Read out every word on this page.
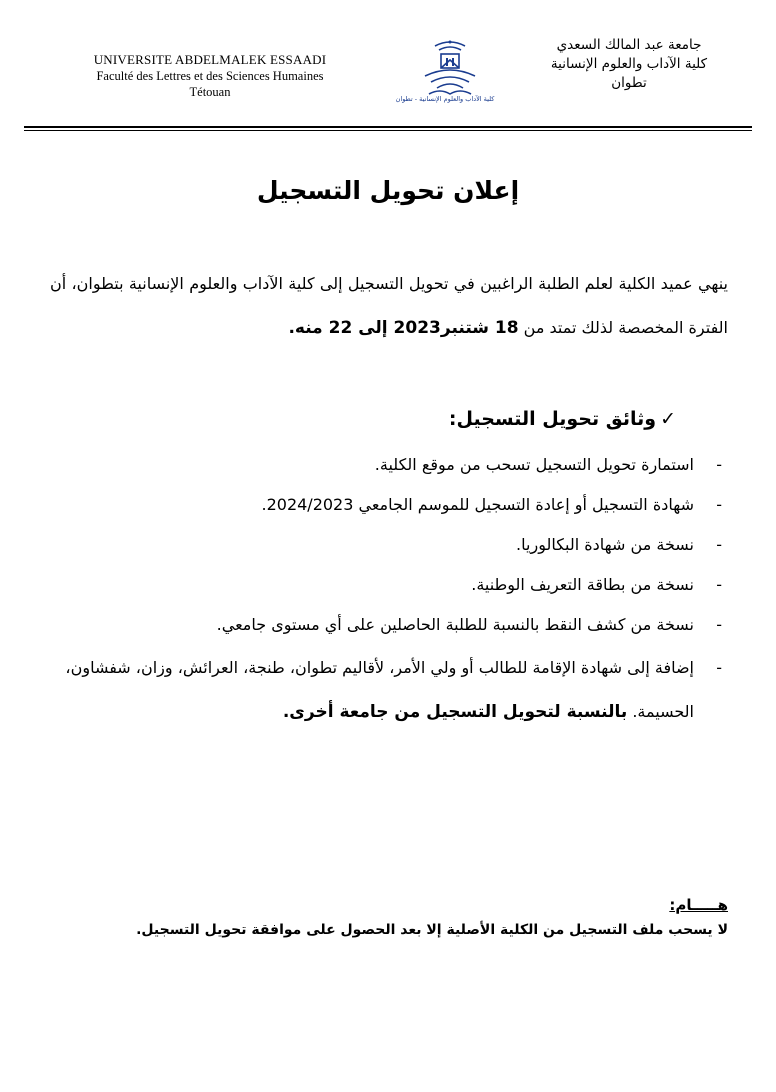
UNIVERSITE ABDELMALEK ESSAADI
Faculté des Lettres et des Sciences Humaines
Tétouan	كلية الآداب والعلوم الإنسانية - تطوان
جامعة عبد المالك السعدي
كلية الآداب والعلوم الإنسانية
تطوان
إعلان تحويل التسجيل
ينهي عميد الكلية لعلم الطلبة الراغبين في تحويل التسجيل إلى كلية الآداب والعلوم الإنسانية بتطوان، أن الفترة المخصصة لذلك تمتد من 18 شتنبر2023 إلى 22 منه.
✓وثائق تحويل التسجيل:
-
استمارة تحويل التسجيل تسحب من موقع الكلية.
-
شهادة التسجيل أو إعادة التسجيل للموسم الجامعي 2024/2023.
-
نسخة من شهادة البكالوريا.
-
نسخة من بطاقة التعريف الوطنية.
-
نسخة من كشف النقط بالنسبة للطلبة الحاصلين على أي مستوى جامعي.
-
إضافة إلى شهادة الإقامة للطالب أو ولي الأمر، لأقاليم تطوان، طنجة، العرائش، وزان، شفشاون، الحسيمة. بالنسبة لتحويل التسجيل من جامعة أخرى.
هـــــام:
لا يسحب ملف التسجيل من الكلية الأصلية إلا بعد الحصول على موافقة تحويل التسجيل.
